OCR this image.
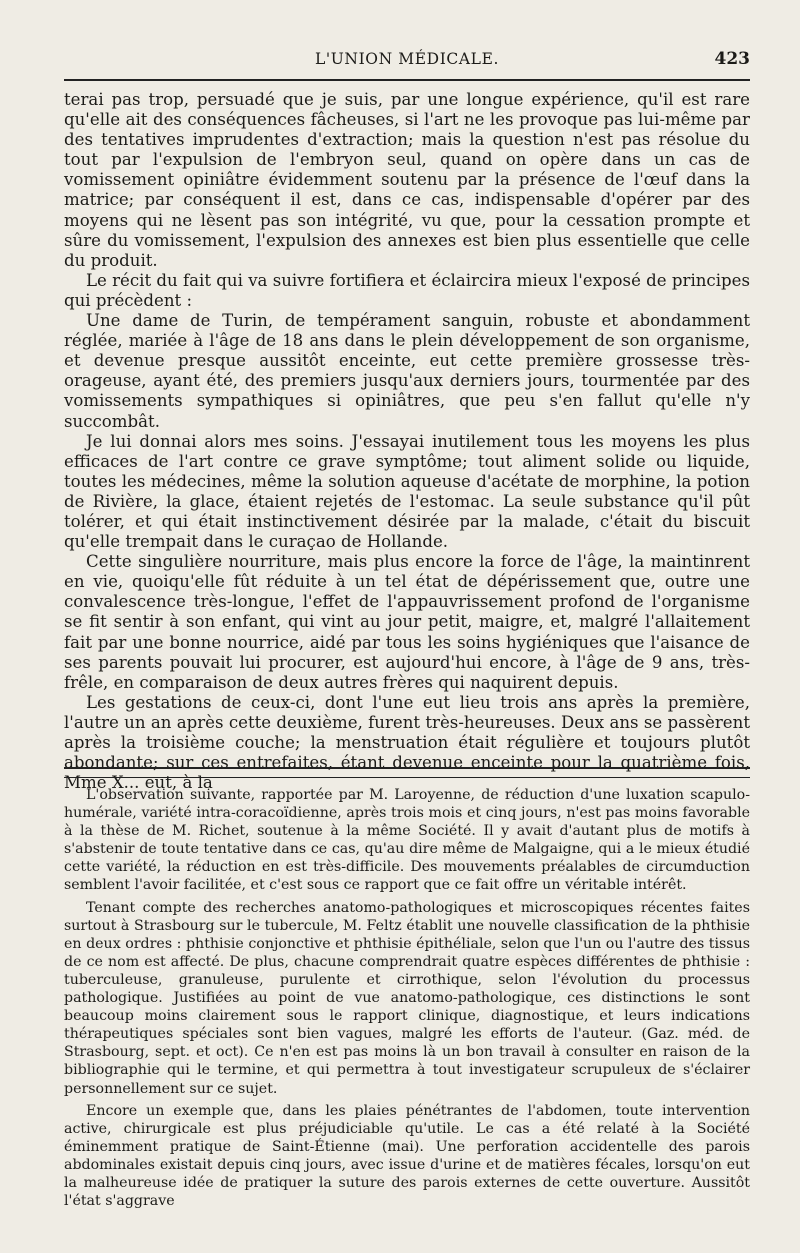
L'UNION MÉDICALE.	423

terai pas trop, persuadé que je suis, par une longue expérience, qu'il est rare qu'elle ait des conséquences fâcheuses, si l'art ne les provoque pas lui-même par des tentatives imprudentes d'extraction; mais la question n'est pas résolue du tout par l'expulsion de l'embryon seul, quand on opère dans un cas de vomissement opiniâtre évidemment soutenu par la présence de l'œuf dans la matrice; par conséquent il est, dans ce cas, indispensable d'opérer par des moyens qui ne lèsent pas son intégrité, vu que, pour la cessation prompte et sûre du vomissement, l'expulsion des annexes est bien plus essentielle que celle du produit.

Le récit du fait qui va suivre fortifiera et éclaircira mieux l'exposé de principes qui précèdent :

Une dame de Turin, de tempérament sanguin, robuste et abondamment réglée, mariée à l'âge de 18 ans dans le plein développement de son organisme, et devenue presque aussitôt enceinte, eut cette première grossesse très-orageuse, ayant été, des premiers jusqu'aux derniers jours, tourmentée par des vomissements sympathiques si opiniâtres, que peu s'en fallut qu'elle n'y succombât.

Je lui donnai alors mes soins. J'essayai inutilement tous les moyens les plus efficaces de l'art contre ce grave symptôme; tout aliment solide ou liquide, toutes les médecines, même la solution aqueuse d'acétate de morphine, la potion de Rivière, la glace, étaient rejetés de l'estomac. La seule substance qu'il pût tolérer, et qui était instinctivement désirée par la malade, c'était du biscuit qu'elle trempait dans le curaçao de Hollande.

Cette singulière nourriture, mais plus encore la force de l'âge, la maintinrent en vie, quoiqu'elle fût réduite à un tel état de dépérissement que, outre une convalescence très-longue, l'effet de l'appauvrissement profond de l'organisme se fit sentir à son enfant, qui vint au jour petit, maigre, et, malgré l'allaitement fait par une bonne nourrice, aidé par tous les soins hygiéniques que l'aisance de ses parents pouvait lui procurer, est aujourd'hui encore, à l'âge de 9 ans, très-frêle, en comparaison de deux autres frères qui naquirent depuis.

Les gestations de ceux-ci, dont l'une eut lieu trois ans après la première, l'autre un an après cette deuxième, furent très-heureuses. Deux ans se passèrent après la troisième couche; la menstruation était régulière et toujours plutôt abondante; sur ces entrefaites, étant devenue enceinte pour la quatrième fois, Mme X... eut, à la

L'observation suivante, rapportée par M. Laroyenne, de réduction d'une luxation scapulo-humérale, variété intra-coracoïdienne, après trois mois et cinq jours, n'est pas moins favorable à la thèse de M. Richet, soutenue à la même Société. Il y avait d'autant plus de motifs à s'abstenir de toute tentative dans ce cas, qu'au dire même de Malgaigne, qui a le mieux étudié cette variété, la réduction en est très-difficile. Des mouvements préalables de circumduction semblent l'avoir facilitée, et c'est sous ce rapport que ce fait offre un véritable intérêt.

Tenant compte des recherches anatomo-pathologiques et microscopiques récentes faites surtout à Strasbourg sur le tubercule, M. Feltz établit une nouvelle classification de la phthisie en deux ordres : phthisie conjonctive et phthisie épithéliale, selon que l'un ou l'autre des tissus de ce nom est affecté. De plus, chacune comprendrait quatre espèces différentes de phthisie : tuberculeuse, granuleuse, purulente et cirrothique, selon l'évolution du processus pathologique. Justifiées au point de vue anatomo-pathologique, ces distinctions le sont beaucoup moins clairement sous le rapport clinique, diagnostique, et leurs indications thérapeutiques spéciales sont bien vagues, malgré les efforts de l'auteur. (Gaz. méd. de Strasbourg, sept. et oct). Ce n'en est pas moins là un bon travail à consulter en raison de la bibliographie qui le termine, et qui permettra à tout investigateur scrupuleux de s'éclairer personnellement sur ce sujet.

Encore un exemple que, dans les plaies pénétrantes de l'abdomen, toute intervention active, chirurgicale est plus préjudiciable qu'utile. Le cas a été relaté à la Société éminemment pratique de Saint-Étienne (mai). Une perforation accidentelle des parois abdominales existait depuis cinq jours, avec issue d'urine et de matières fécales, lorsqu'on eut la malheureuse idée de pratiquer la suture des parois externes de cette ouverture. Aussitôt l'état s'aggrave
